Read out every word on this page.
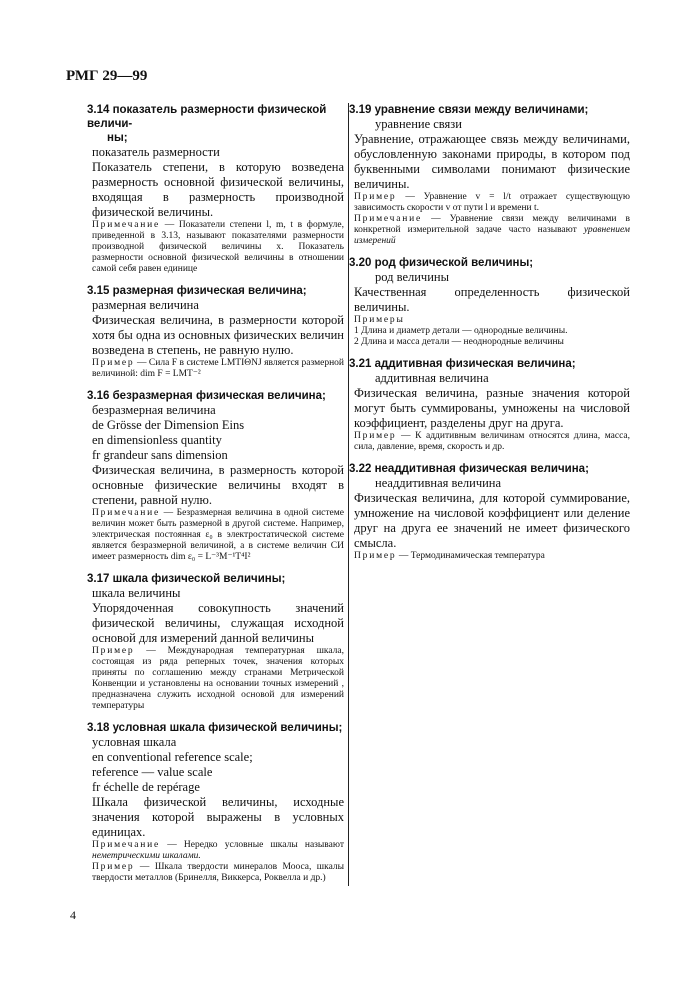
РМГ 29—99
3.14 показатель размерности физической величи-
ны;
показатель размерности
Показатель степени, в которую возведена размерность основной физической величины, входящая в размерность производной физической величины.
Примечание — Показатели степени l, m, t в формуле, приведенной в 3.13, называют показателями размерности производной физической величины x. Показатель размерности основной физической величины в отношении самой себя равен единице
3.15 размерная физическая величина;
размерная величина
Физическая величина, в размерности которой хотя бы одна из основных физических величин возведена в степень, не равную нулю.
Пример — Сила F в системе LMTIΘNJ является размерной величиной: dim F = LMT⁻²
3.16 безразмерная физическая величина;
безразмерная величина
de Grösse der Dimension Eins
en dimensionless quantity
fr grandeur sans dimension
Физическая величина, в размерность которой основные физические величины входят в степени, равной нулю.
Примечание — Безразмерная величина в одной системе величин может быть размерной в другой системе. Например, электрическая постоянная ε₀ в электростатической системе является безразмерной величиной, а в системе величин СИ имеет размерность dim ε₀ = L⁻³M⁻¹T⁴I²
3.17 шкала физической величины;
шкала величины
Упорядоченная совокупность значений физической величины, служащая исходной основой для измерений данной величины
Пример — Международная температурная шкала, состоящая из ряда реперных точек, значения которых приняты по соглашению между странами Метрической Конвенции и установлены на основании точных измерений , предназначена служить исходной основой для измерений температуры
3.18 условная шкала физической величины;
условная шкала
en conventional reference scale;
reference — value scale
fr échelle de repérage
Шкала физической величины, исходные значения которой выражены в условных единицах.
Примечание — Нередко условные шкалы называют неметрическими шкалами.
Пример — Шкала твердости минералов Мооса, шкалы твердости металлов (Бринелля, Виккерса, Роквелла и др.)
3.19 уравнение связи между величинами;
уравнение связи
Уравнение, отражающее связь между величинами, обусловленную законами природы, в котором под буквенными символами понимают физические величины.
Пример — Уравнение v = l/t отражает существующую зависимость скорости v от пути l и времени t.
Примечание — Уравнение связи между величинами в конкретной измерительной задаче часто называют уравнением измерений
3.20 род физической величины;
род величины
Качественная определенность физической величины.
Примеры
1 Длина и диаметр детали — однородные величины.
2 Длина и масса детали — неоднородные величины
3.21 аддитивная физическая величина;
аддитивная величина
Физическая величина, разные значения которой могут быть суммированы, умножены на числовой коэффициент, разделены друг на друга.
Пример — К аддитивным величинам относятся длина, масса, сила, давление, время, скорость и др.
3.22 неаддитивная физическая величина;
неаддитивная величина
Физическая величина, для которой суммирование, умножение на числовой коэффициент или деление друг на друга ее значений не имеет физического смысла.
Пример — Термодинамическая температура
4
